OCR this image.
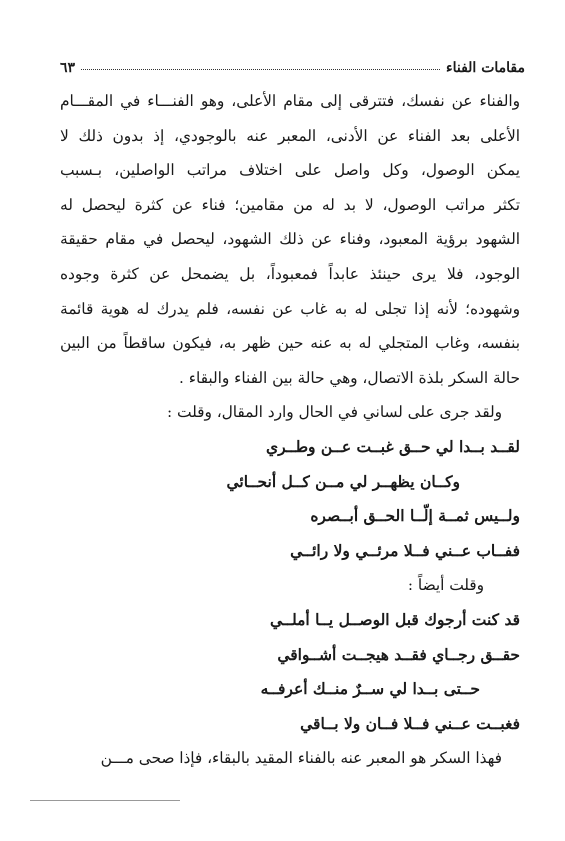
مقامات الفناء
٦٣
والفناء عن نفسك، فتترقى إلى مقام الأعلى، وهو الفنـــاء في المقـــام
الأعلى بعد الفناء عن الأدنى، المعبر عنه بالوجودي، إذ بدون ذلك لا
يمكن الوصول، وكل واصل على اختلاف مراتب الواصلين، بـسبب
تكثر مراتب الوصول، لا بد له من مقامين؛ فناء عن كثرة ليحصل له
الشهود برؤية المعبود، وفناء عن ذلك الشهود، ليحصل في مقام حقيقة
الوجود، فلا يرى حينئذ عابداً فمعبوداً، بل يضمحل عن كثرة وجوده
وشهوده؛ لأنه إذا تجلى له به غاب عن نفسه، فلم يدرك له هوية قائمة
بنفسه، وغاب المتجلي له به عنه حين ظهر به، فيكون ساقطاً من البين
حالة السكر بلذة الاتصال، وهي حالة بين الفناء والبقاء .
ولقد جرى على لساني في الحال وارد المقال، وقلت :
لقــد بــدا لي حــق غبــت عــن وطــري
وكــان يظهــر لي مــن كــل أنحــائي
ولــيس ثمــة إلّــا الحــق أبــصره
ففــاب عــني فــلا مرئــي ولا رائــي
وقلت أيضاً :
قد كنت أرجوك قبل الوصــل يــا أملــي
حقــق رجــاي فقــد هيجــت أشــواقي
حــتى بــدا لي ســرٌ منــك أعرفــه
فغبــت عــني فــلا فــان ولا بــاقي
فهذا السكر هو المعبر عنه بالفناء المقيد بالبقاء، فإذا صحى مـــن
